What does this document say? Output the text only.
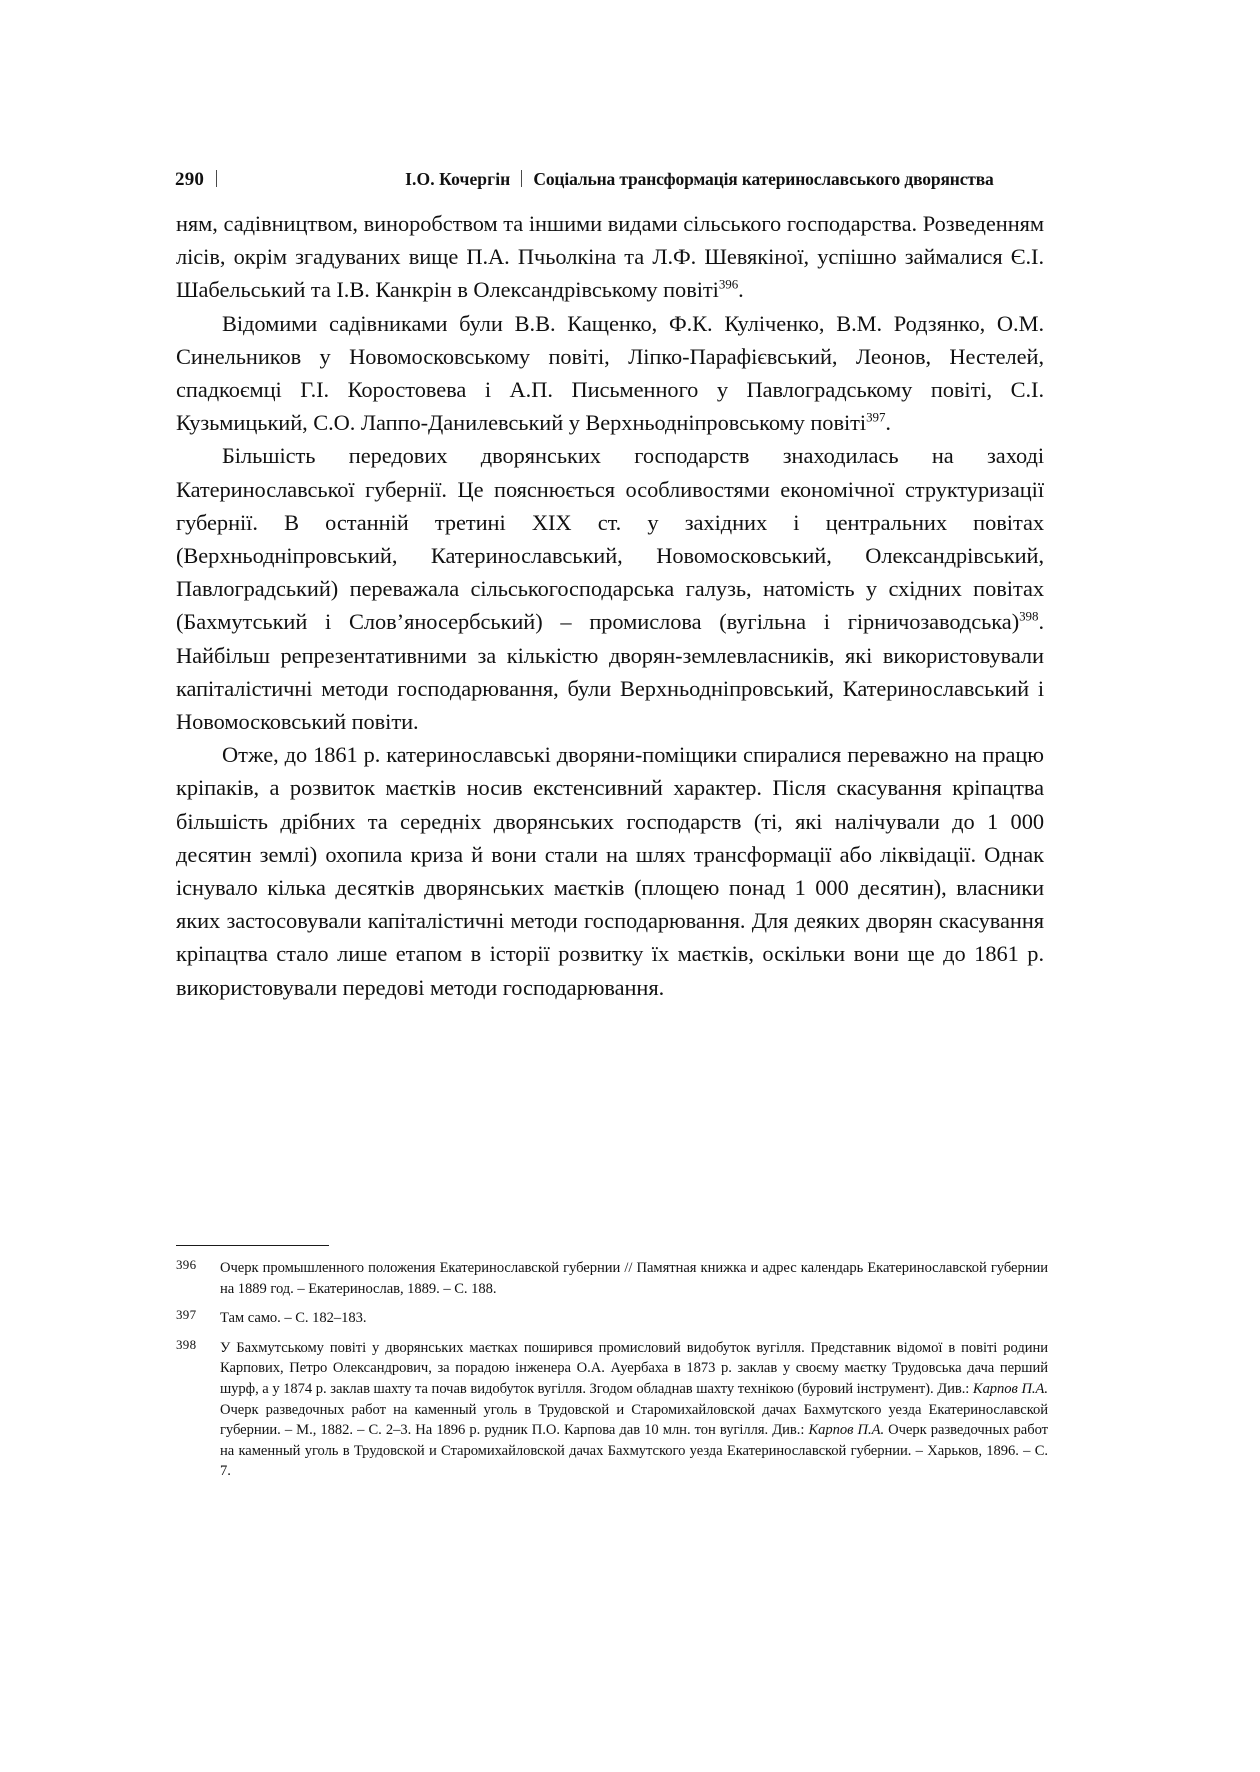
290	І.О. Кочергін Соціальна трансформація катеринославського дворянства

ням, садівництвом, виноробством та іншими видами сільського господарства. Розведенням лісів, окрім згадуваних вище П.А. Пчьолкіна та Л.Ф. Шевякіної, успішно займалися Є.І. Шабельський та І.В. Канкрін в Олександрівському повіті$^{396}$.

Відомими садівниками були В.В. Кащенко, Ф.К. Куліченко, В.М. Родзянко, О.М. Синельников у Новомосковському повіті, Ліпко-Парафієвський, Леонов, Нестелей, спадкоємці Г.І. Коростовева і А.П. Письменного у Павлоградському повіті, С.І. Кузьмицький, С.О. Лаппо-Данилевський у Верхньодніпровському повіті$^{397}$.

Більшість передових дворянських господарств знаходилась на заході Катеринославської губернії. Це пояснюється особливостями економічної структуризації губернії. В останній третині XIX ст. у західних і центральних повітах (Верхньодніпровський, Катеринославський, Новомосковський, Олександрівський, Павлоградський) переважала сільськогосподарська галузь, натомість у східних повітах (Бахмутський і Слов’яносербський) – промислова (вугільна і гірничозаводська)$^{398}$. Найбільш репрезентативними за кількістю дворян-землевласників, які використовували капіталістичні методи господарювання, були Верхньодніпровський, Катеринославський і Новомосковський повіти.

Отже, до 1861 р. катеринославські дворяни-поміщики спиралися переважно на працю кріпаків, а розвиток маєтків носив екстенсивний характер. Після скасування кріпацтва більшість дрібних та середніх дворянських господарств (ті, які налічували до 1 000 десятин землі) охопила криза й вони стали на шлях трансформації або ліквідації. Однак існувало кілька десятків дворянських маєтків (площею понад 1 000 десятин), власники яких застосовували капіталістичні методи господарювання. Для деяких дворян скасування кріпацтва стало лише етапом в історії розвитку їх маєтків, оскільки вони ще до 1861 р. використовували передові методи господарювання.

396	Очерк промышленного положения Екатеринославской губернии // Памятная книжка и адрес календарь Екатеринославской губернии на 1889 год. – Екатеринослав, 1889. – С. 188.
397	Там само. – С. 182–183.
398	У Бахмутському повіті у дворянських маєтках поширився промисловий видобуток вугілля. Представник відомої в повіті родини Карпових, Петро Олександрович, за порадою інженера О.А. Ауербаха в 1873 р. заклав у своєму маєтку Трудовська дача перший шурф, а у 1874 р. заклав шахту та почав видобуток вугілля. Згодом обладнав шахту технікою (буровий інструмент). Див.: Карпов П.А. Очерк разведочных работ на каменный уголь в Трудовской и Старомихайловской дачах Бахмутского уезда Екатеринославской губернии. – М., 1882. – С. 2–3. На 1896 р. рудник П.О. Карпова дав 10 млн. тон вугілля. Див.: Карпов П.А. Очерк разведочных работ на каменный уголь в Трудовской и Старомихайловской дачах Бахмутского уезда Екатеринославской губернии. – Харьков, 1896. – С. 7.
